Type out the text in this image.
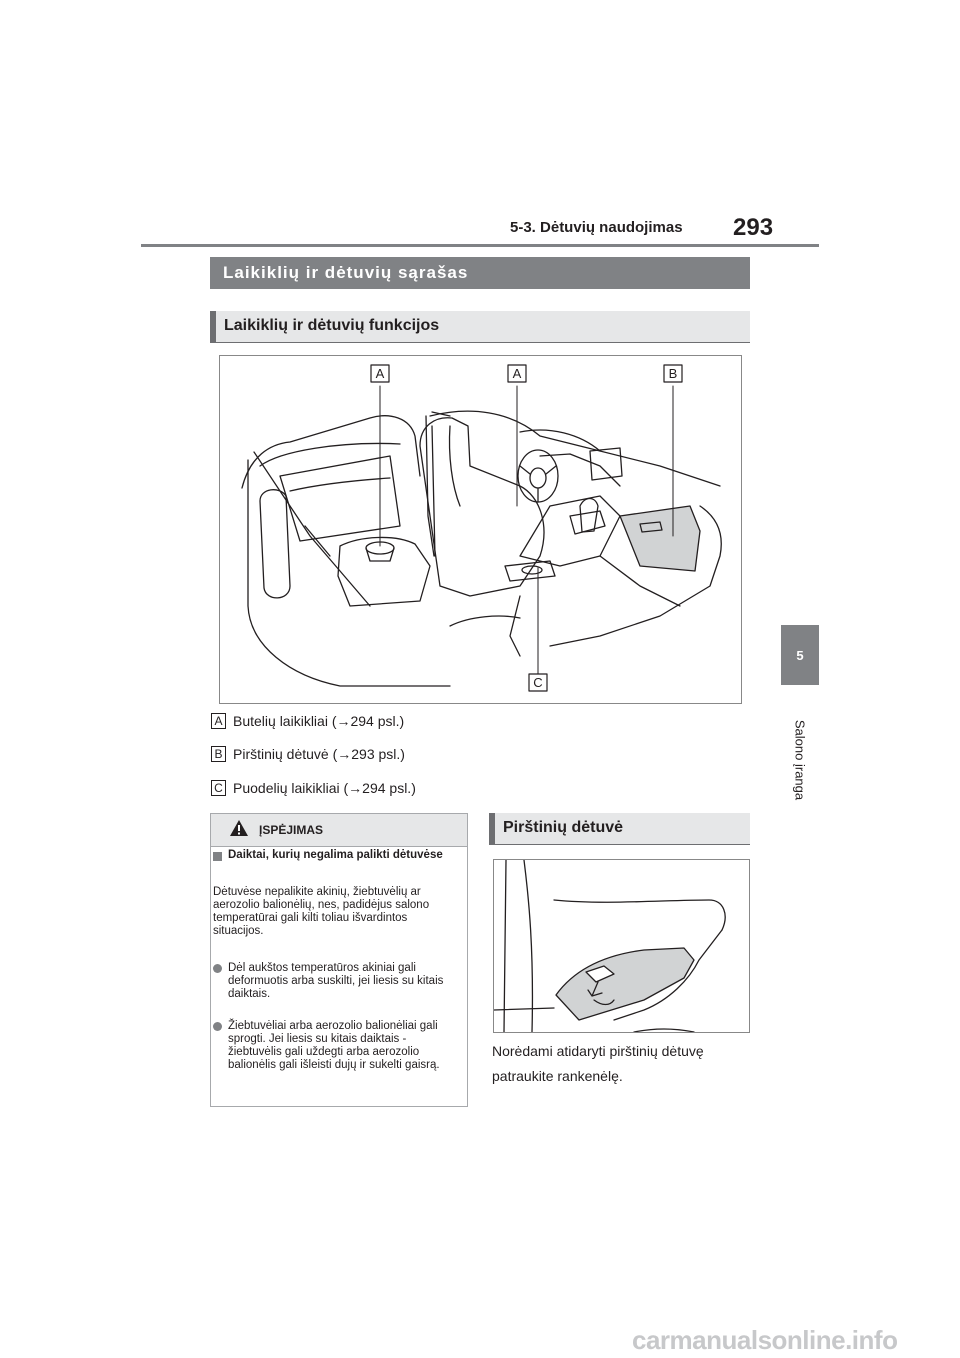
5-3. Dėtuvių naudojimas 293
5
Salono įranga
Laikiklių ir dėtuvių sąrašas
Laikiklių ir dėtuvių funkcijos
A	A	B
C
A Butelių laikikliai (→294 psl.)
B Pirštinių dėtuvė (→293 psl.)
C Puodelių laikikliai (→294 psl.)
ĮSPĖJIMAS
Daiktai, kurių negalima palikti dėtuvėse
Dėtuvėse nepalikite akinių, žiebtuvėlių ar aerozolio balionėlių, nes, padidėjus salono temperatūrai gali kilti toliau išvardintos situacijos.
Dėl aukštos temperatūros akiniai gali deformuotis arba suskilti, jei liesis su kitais daiktais.
Žiebtuvėliai arba aerozolio balionėliai gali sprogti. Jei liesis su kitais daiktais - žiebtuvėlis gali uždegti arba aerozolio balionėlis gali išleisti dujų ir sukelti gaisrą.
Pirštinių dėtuvė
Norėdami atidaryti pirštinių dėtuvę
patraukite rankenėlę.
carmanualsonline.info
